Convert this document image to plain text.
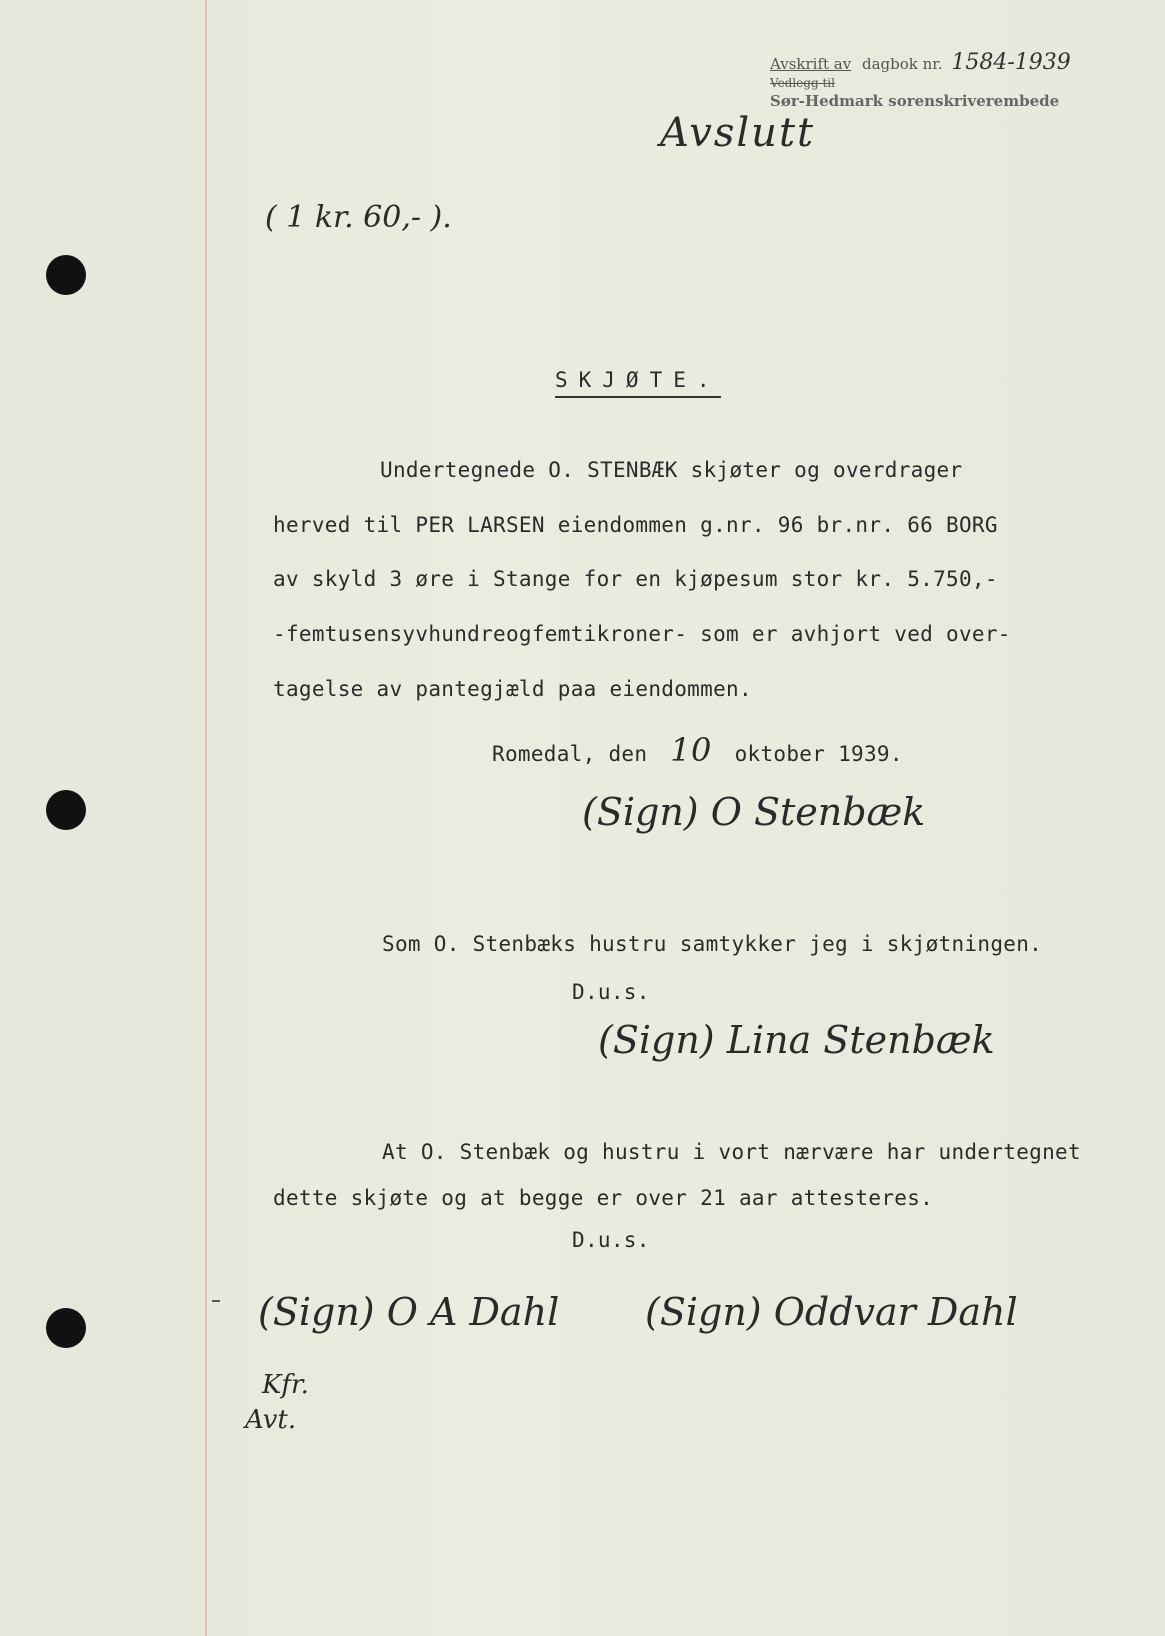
Avskrift av dagbok nr. 1584-1939
Vedlegg til
Sør-Hedmark sorenskriverembede
Avslutt
( 1 kr. 60,- ).
SKJØTE.
Undertegnede O. STENBÆK skjøter og overdrager
herved til PER LARSEN eiendommen g.nr. 96 br.nr. 66 BORG
av skyld 3 øre i Stange for en kjøpesum stor kr. 5.750,-
-femtusensyvhundreogfemtikroner- som er avhjort ved over-
tagelse av pantegjæld paa eiendommen.
Romedal, den 10 oktober 1939.
(Sign) O Stenbæk
Som O. Stenbæks hustru samtykker jeg i skjøtningen.
D.u.s.
(Sign) Lina Stenbæk
At O. Stenbæk og hustru i vort nærvære har undertegnet
dette skjøte og at begge er over 21 aar attesteres.
D.u.s.
(Sign) O A Dahl (Sign) Oddvar Dahl
Kfr.
Avt.
